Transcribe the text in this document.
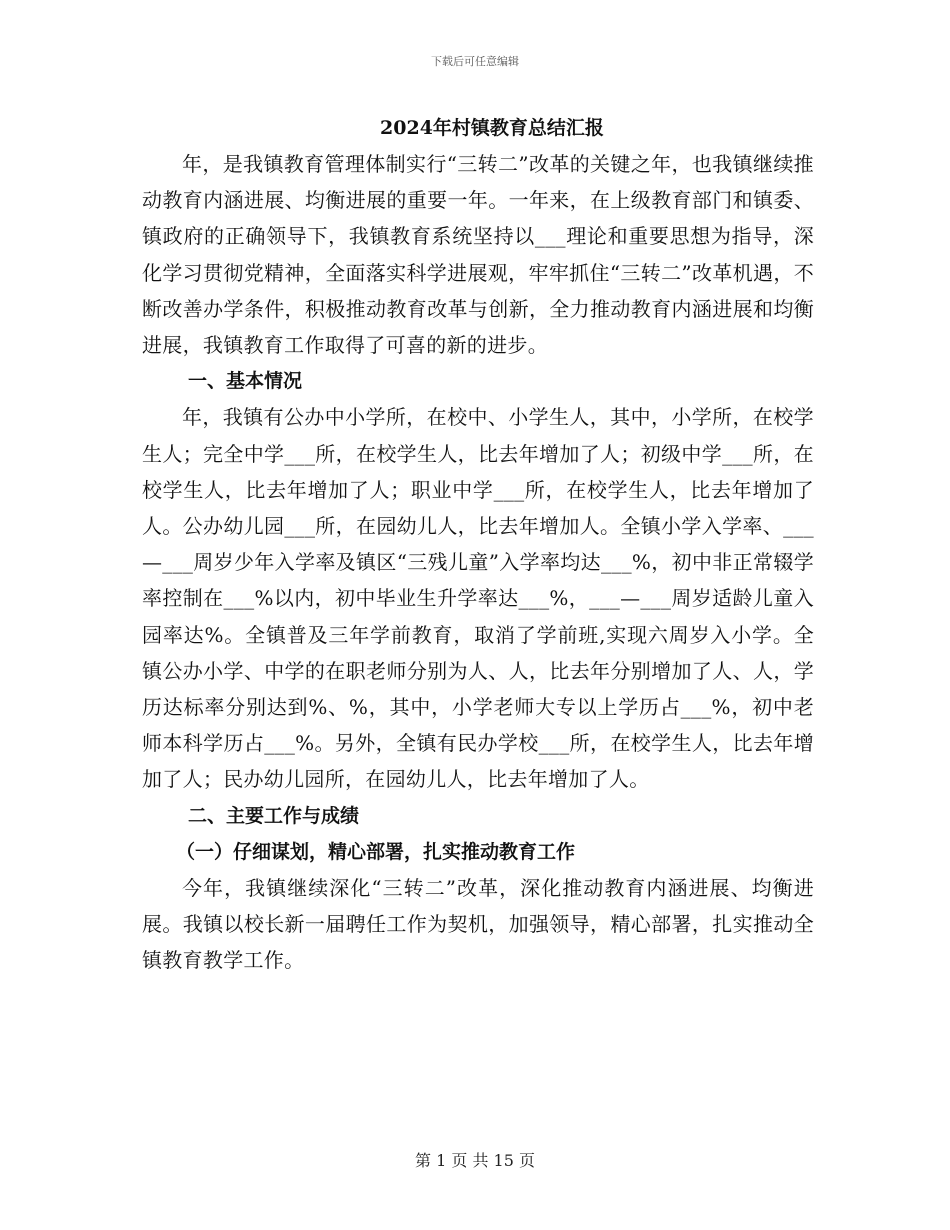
下载后可任意编辑
2024年村镇教育总结汇报

年，是我镇教育管理体制实行“三转二”改革的关键之年，也我镇继续推动教育内涵进展、均衡进展的重要一年。一年来，在上级教育部门和镇委、镇政府的正确领导下，我镇教育系统坚持以___理论和重要思想为指导，深化学习贯彻党精神，全面落实科学进展观，牢牢抓住“三转二”改革机遇，不断改善办学条件，积极推动教育改革与创新，全力推动教育内涵进展和均衡进展，我镇教育工作取得了可喜的新的进步。

一、基本情况

年，我镇有公办中小学所，在校中、小学生人，其中，小学所，在校学生人；完全中学___所，在校学生人，比去年增加了人；初级中学___所，在校学生人，比去年增加了人；职业中学___所，在校学生人，比去年增加了人。公办幼儿园___所，在园幼儿人，比去年增加人。全镇小学入学率、___—___周岁少年入学率及镇区“三残儿童”入学率均达___%，初中非正常辍学率控制在___%以内，初中毕业生升学率达___%，___—___周岁适龄儿童入园率达%。全镇普及三年学前教育，取消了学前班,实现六周岁入小学。全镇公办小学、中学的在职老师分别为人、人，比去年分别增加了人、人，学历达标率分别达到%、%，其中，小学老师大专以上学历占___%，初中老师本科学历占___%。另外，全镇有民办学校___所，在校学生人，比去年增加了人；民办幼儿园所，在园幼儿人，比去年增加了人。

二、主要工作与成绩
（一）仔细谋划，精心部署，扎实推动教育工作

今年，我镇继续深化“三转二”改革，深化推动教育内涵进展、均衡进展。我镇以校长新一届聘任工作为契机，加强领导，精心部署，扎实推动全镇教育教学工作。

第 1 页 共 15 页
